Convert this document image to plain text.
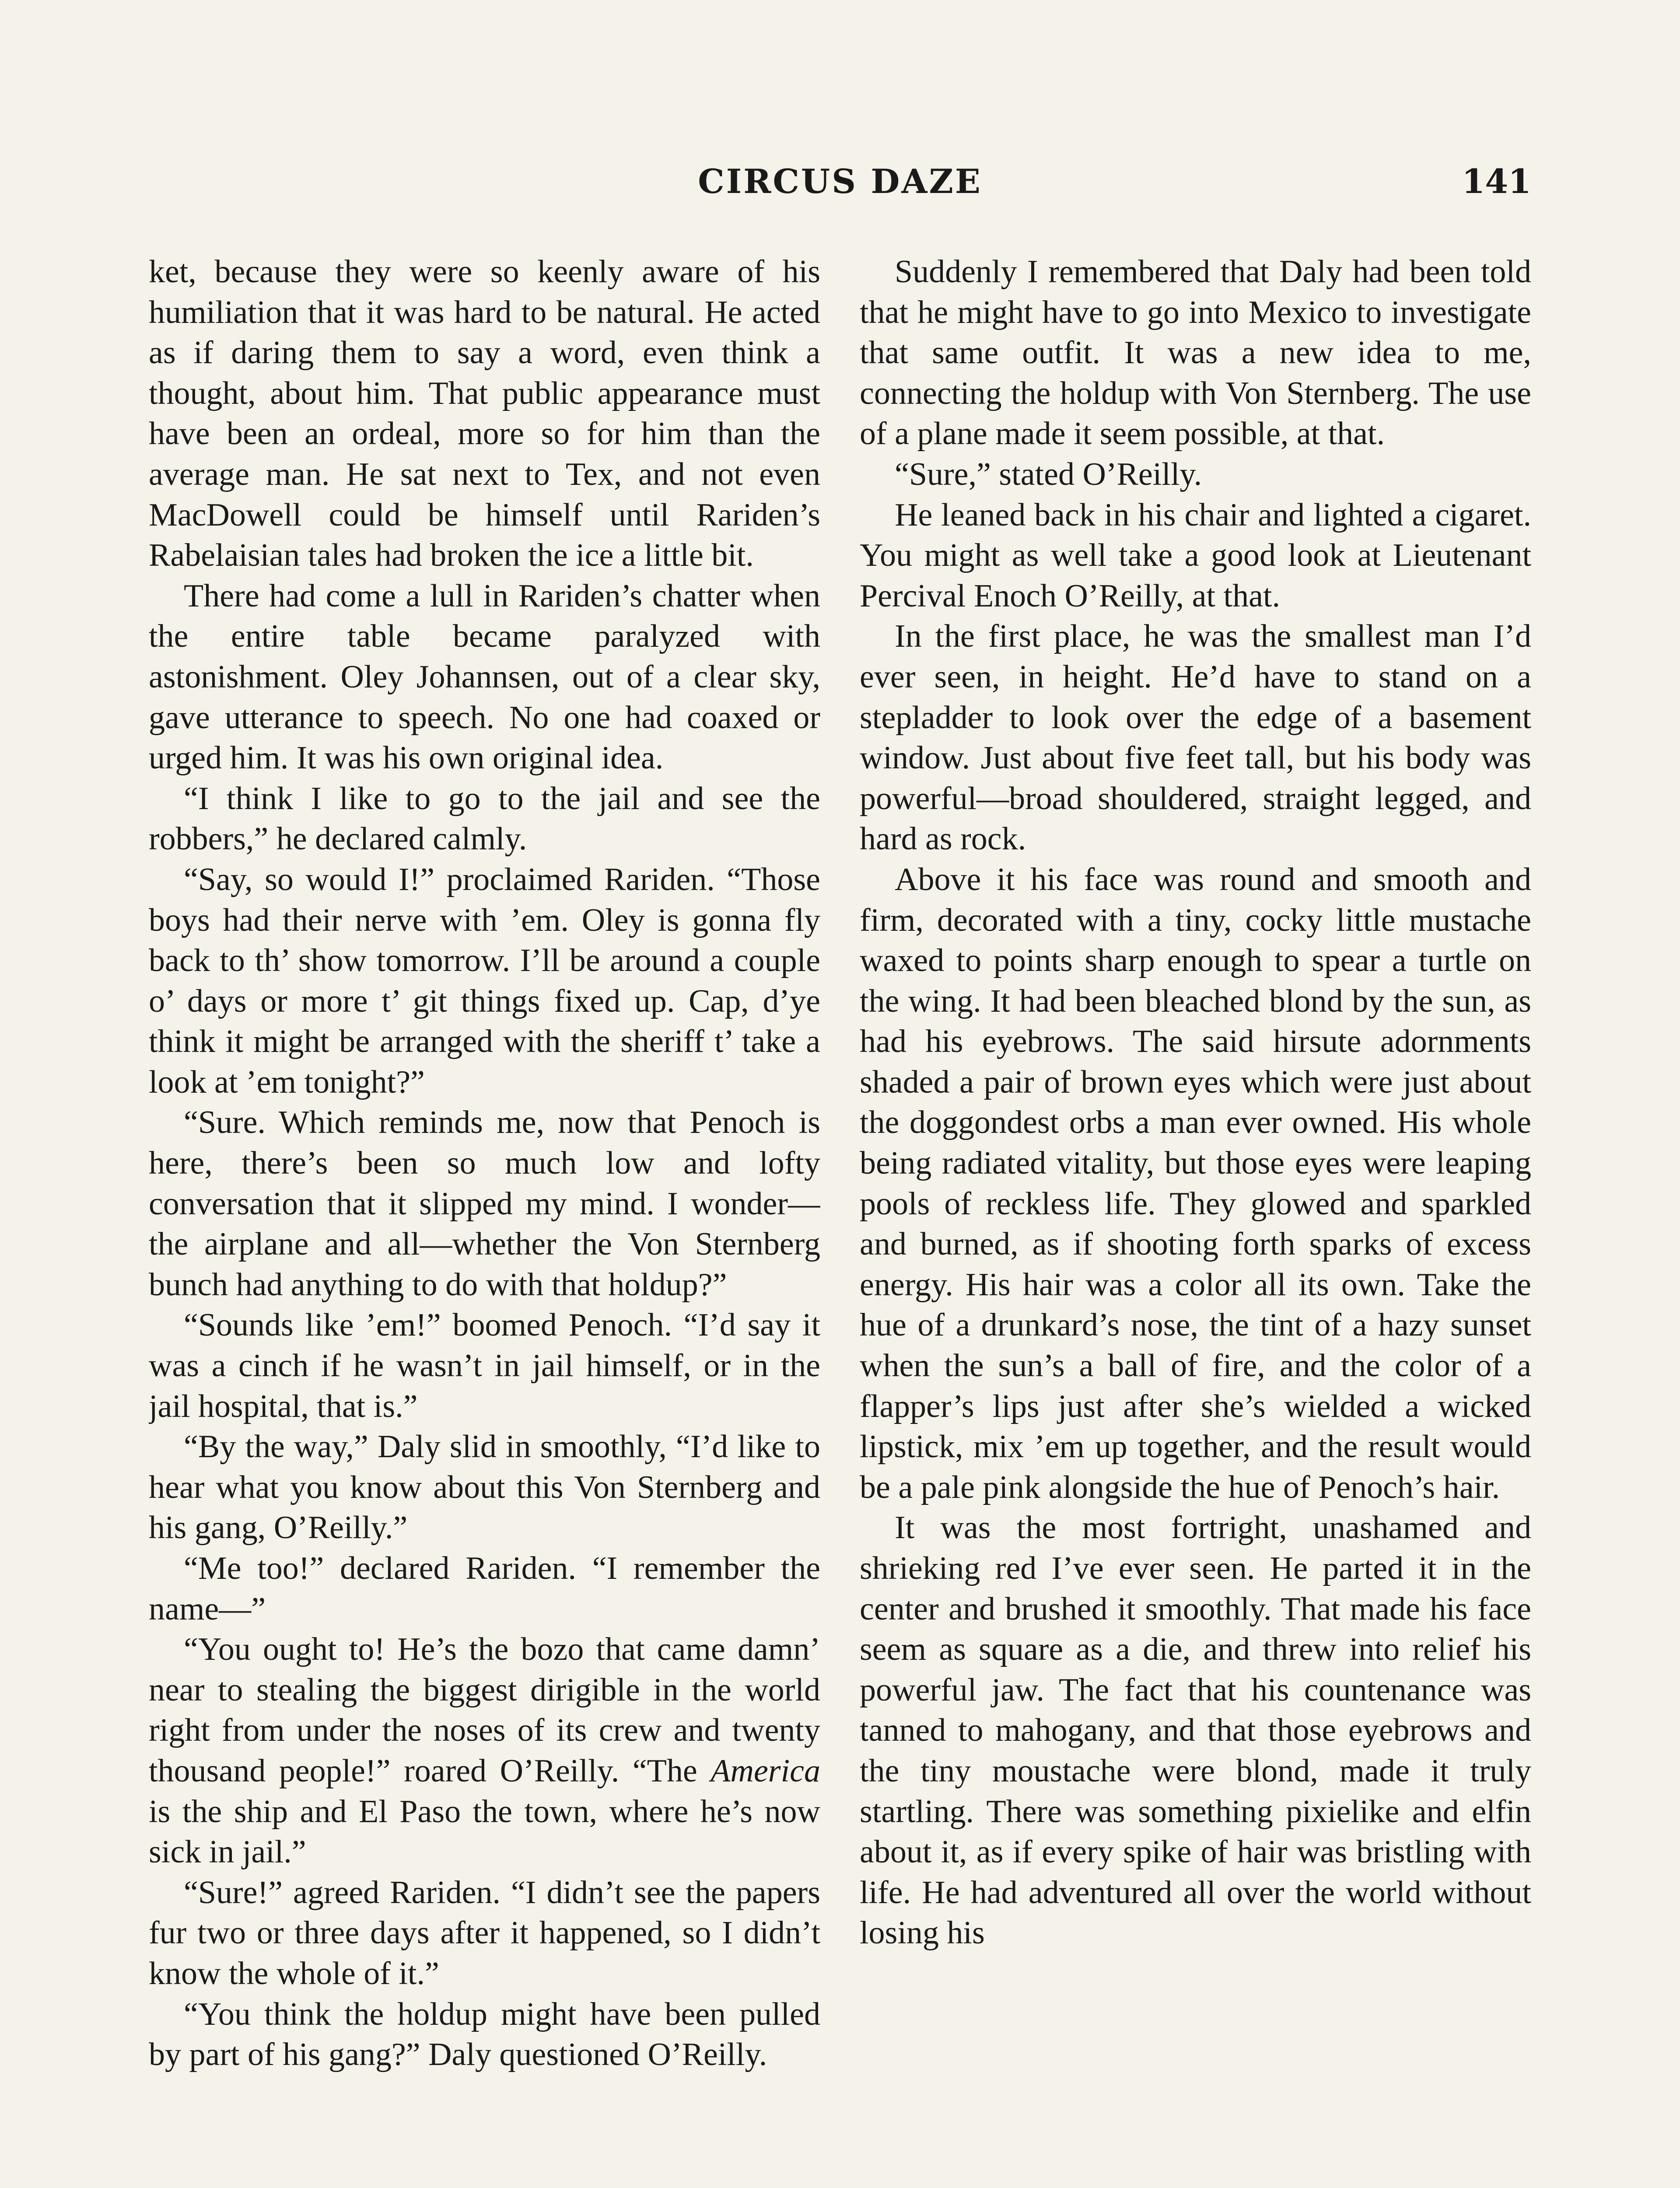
CIRCUS DAZE	141

ket, because they were so keenly aware of his humiliation that it was hard to be natural. He acted as if daring them to say a word, even think a thought, about him. That public appearance must have been an ordeal, more so for him than the average man. He sat next to Tex, and not even MacDowell could be himself until Rariden’s Rabelaisian tales had broken the ice a little bit.

There had come a lull in Rariden’s chatter when the entire table became paralyzed with astonishment. Oley Johannsen, out of a clear sky, gave utterance to speech. No one had coaxed or urged him. It was his own original idea.

“I think I like to go to the jail and see the robbers,” he declared calmly.

“Say, so would I!” proclaimed Rariden. “Those boys had their nerve with ’em. Oley is gonna fly back to th’ show tomorrow. I’ll be around a couple o’ days or more t’ git things fixed up. Cap, d’ye think it might be arranged with the sheriff t’ take a look at ’em tonight?”

“Sure. Which reminds me, now that Penoch is here, there’s been so much low and lofty conversation that it slipped my mind. I wonder—the airplane and all—whether the Von Sternberg bunch had anything to do with that holdup?”

“Sounds like ’em!” boomed Penoch. “I’d say it was a cinch if he wasn’t in jail himself, or in the jail hospital, that is.”

“By the way,” Daly slid in smoothly, “I’d like to hear what you know about this Von Sternberg and his gang, O’Reilly.”

“Me too!” declared Rariden. “I remember the name—”

“You ought to! He’s the bozo that came damn’ near to stealing the biggest dirigible in the world right from under the noses of its crew and twenty thousand people!” roared O’Reilly. “The America is the ship and El Paso the town, where he’s now sick in jail.”

“Sure!” agreed Rariden. “I didn’t see the papers fur two or three days after it happened, so I didn’t know the whole of it.”

“You think the holdup might have been pulled by part of his gang?” Daly questioned O’Reilly.

Suddenly I remembered that Daly had been told that he might have to go into Mexico to investigate that same outfit. It was a new idea to me, connecting the holdup with Von Sternberg. The use of a plane made it seem possible, at that.

“Sure,” stated O’Reilly.

He leaned back in his chair and lighted a cigaret. You might as well take a good look at Lieutenant Percival Enoch O’Reilly, at that.

In the first place, he was the smallest man I’d ever seen, in height. He’d have to stand on a stepladder to look over the edge of a basement window. Just about five feet tall, but his body was powerful—broad shouldered, straight legged, and hard as rock.

Above it his face was round and smooth and firm, decorated with a tiny, cocky little mustache waxed to points sharp enough to spear a turtle on the wing. It had been bleached blond by the sun, as had his eyebrows. The said hirsute adornments shaded a pair of brown eyes which were just about the doggondest orbs a man ever owned. His whole being radiated vitality, but those eyes were leaping pools of reckless life. They glowed and sparkled and burned, as if shooting forth sparks of excess energy. His hair was a color all its own. Take the hue of a drunkard’s nose, the tint of a hazy sunset when the sun’s a ball of fire, and the color of a flapper’s lips just after she’s wielded a wicked lipstick, mix ’em up together, and the result would be a pale pink alongside the hue of Penoch’s hair.

It was the most fortright, unashamed and shrieking red I’ve ever seen. He parted it in the center and brushed it smoothly. That made his face seem as square as a die, and threw into relief his powerful jaw. The fact that his countenance was tanned to mahogany, and that those eyebrows and the tiny moustache were blond, made it truly startling. There was something pixielike and elfin about it, as if every spike of hair was bristling with life. He had adventured all over the world without losing his
